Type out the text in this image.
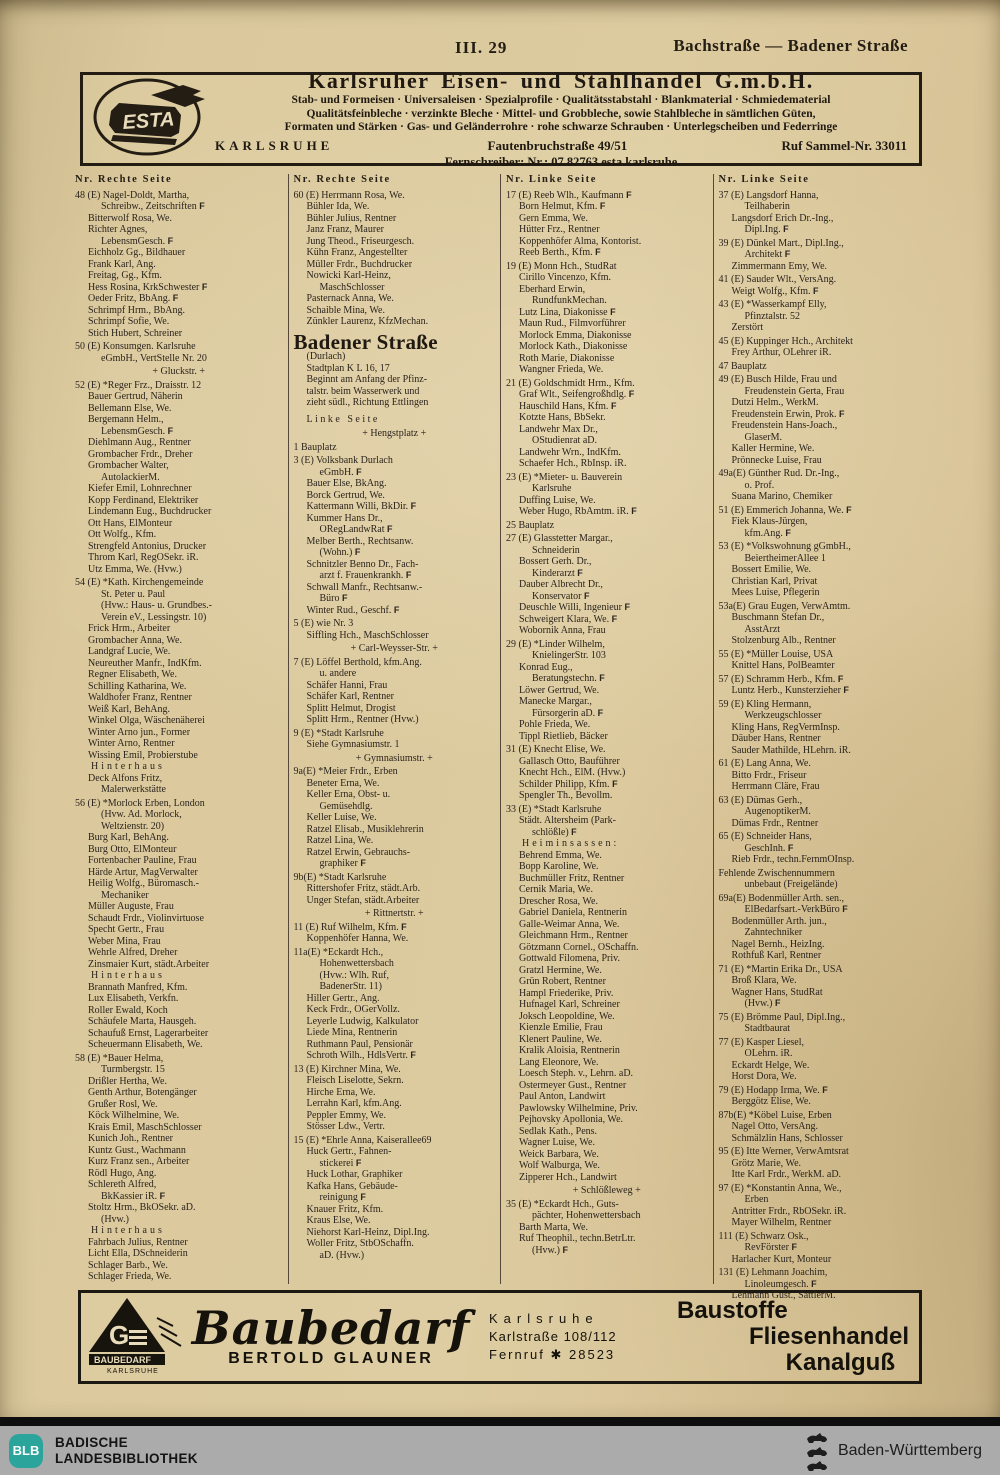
III. 29	Bachstraße — Badener Straße
ESTA
Karlsruher Eisen- und Stahlhandel G.m.b.H.
Stab- und Formeisen · Universaleisen · Spezialprofile · Qualitätsstabstahl · Blankmaterial · Schmiedematerial
Qualitätsfeinbleche · verzinkte Bleche · Mittel- und Grobbleche, sowie Stahlbleche in sämtlichen Güten,
Formaten und Stärken · Gas- und Geländerrohre · rohe schwarze Schrauben · Unterlegscheiben und Federringe
KARLSRUHE	Fautenbruchstraße 49/51	Ruf Sammel-Nr. 33011
Fernschreiber: Nr.: 07 82763 esta karlsruhe
Nr. Rechte Seite
48 (E) Nagel-Doldt, Martha,
Schreibw., Zeitschriften F
Bitterwolf Rosa, We.
Richter Agnes,
LebensmGesch. F
Eichholz Gg., Bildhauer
Frank Karl, Ang.
Freitag, Gg., Kfm.
Hess Rosina, KrkSchwester F
Oeder Fritz, BbAng. F
Schrimpf Hrm., BbAng.
Schrimpf Sofie, We.
Stich Hubert, Schreiner
50 (E) Konsumgen. Karlsruhe
eGmbH., VertStelle Nr. 20
+ Gluckstr. +
52 (E) *Reger Frz., Draisstr. 12
Bauer Gertrud, Näherin
Bellemann Else, We.
Bergemann Helm.,
LebensmGesch. F
Diehlmann Aug., Rentner
Grombacher Frdr., Dreher
Grombacher Walter,
AutolackierM.
Kiefer Emil, Lohnrechner
Kopp Ferdinand, Elektriker
Lindemann Eug., Buchdrucker
Ott Hans, ElMonteur
Ott Wolfg., Kfm.
Strengfeld Antonius, Drucker
Throm Karl, RegOSekr. iR.
Utz Emma, We. (Hvw.)
54 (E) *Kath. Kirchengemeinde
St. Peter u. Paul
(Hvw.: Haus- u. Grundbes.-
Verein eV., Lessingstr. 10)
Frick Hrm., Arbeiter
Grombacher Anna, We.
Landgraf Lucie, We.
Neureuther Manfr., IndKfm.
Regner Elisabeth, We.
Schilling Katharina, We.
Waldhofer Franz, Rentner
Weiß Karl, BehAng.
Winkel Olga, Wäschenäherei
Winter Arno jun., Former
Winter Arno, Rentner
Wissing Emil, Probierstube
Hinterhaus
Deck Alfons Fritz,
Malerwerkstätte
56 (E) *Morlock Erben, London
(Hvw. Ad. Morlock,
Weltzienstr. 20)
Burg Karl, BehAng.
Burg Otto, ElMonteur
Fortenbacher Pauline, Frau
Härde Artur, MagVerwalter
Heilig Wolfg., Büromasch.-
Mechaniker
Müller Auguste, Frau
Schaudt Frdr., Violinvirtuose
Specht Gertr., Frau
Weber Mina, Frau
Wehrle Alfred, Dreher
Zinsmaier Kurt, städt.Arbeiter
Hinterhaus
Brannath Manfred, Kfm.
Lux Elisabeth, Verkfn.
Roller Ewald, Koch
Schäufele Marta, Hausgeh.
Schaufuß Ernst, Lagerarbeiter
Scheuermann Elisabeth, We.
58 (E) *Bauer Helma,
Turmbergstr. 15
Drißler Hertha, We.
Genth Arthur, Botengänger
Grußer Rosl, We.
Köck Wilhelmine, We.
Krais Emil, MaschSchlosser
Kunich Joh., Rentner
Kuntz Gust., Wachmann
Kurz Franz sen., Arbeiter
Rödl Hugo, Ang.
Schlereth Alfred,
BkKassier iR. F
Stoltz Hrm., BkOSekr. aD.
(Hvw.)
Hinterhaus
Fahrbach Julius, Rentner
Licht Ella, DSchneiderin
Schlager Barb., We.
Schlager Frieda, We.
Nr. Rechte Seite
60 (E) Herrmann Rosa, We.
Bühler Ida, We.
Bühler Julius, Rentner
Janz Franz, Maurer
Jung Theod., Friseurgesch.
Kühn Franz, Angestellter
Müller Frdr., Buchdrucker
Nowicki Karl-Heinz,
MaschSchlosser
Pasternack Anna, We.
Schaible Mina, We.
Zünkler Laurenz, KfzMechan.
Badener Straße
(Durlach)
Stadtplan K L 16, 17
Beginnt am Anfang der Pfinz-
talstr. beim Wasserwerk und
zieht südl., Richtung Ettlingen
Linke Seite
+ Hengstplatz +
1 Bauplatz
3 (E) Volksbank Durlach
eGmbH. F
Bauer Else, BkAng.
Borck Gertrud, We.
Kattermann Willi, BkDir. F
Kummer Hans Dr.,
ORegLandwRat F
Melber Berth., Rechtsanw.
(Wohn.) F
Schnitzler Benno Dr., Fach-
arzt f. Frauenkrankh. F
Schwall Manfr., Rechtsanw.-
Büro F
Winter Rud., Geschf. F
5 (E) wie Nr. 3
Siffling Hch., MaschSchlosser
+ Carl-Weysser-Str. +
7 (E) Löffel Berthold, kfm.Ang.
u. andere
Schäfer Hanni, Frau
Schäfer Karl, Rentner
Splitt Helmut, Drogist
Splitt Hrm., Rentner (Hvw.)
9 (E) *Stadt Karlsruhe
Siehe Gymnasiumstr. 1
+ Gymnasiumstr. +
9a(E) *Meier Frdr., Erben
Beneter Erna, We.
Keller Erna, Obst- u.
Gemüsehdlg.
Keller Luise, We.
Ratzel Elisab., Musiklehrerin
Ratzel Lina, We.
Ratzel Erwin, Gebrauchs-
graphiker F
9b(E) *Stadt Karlsruhe
Rittershofer Fritz, städt.Arb.
Unger Stefan, städt.Arbeiter
+ Rittnertstr. +
11 (E) Ruf Wilhelm, Kfm. F
Koppenhöfer Hanna, We.
11a(E) *Eckardt Hch.,
Hohenwettersbach
(Hvw.: Wlh. Ruf,
BadenerStr. 11)
Hiller Gertr., Ang.
Keck Frdr., OGerVollz.
Leyerle Ludwig, Kalkulator
Liede Mina, Rentnerin
Ruthmann Paul, Pensionär
Schroth Wilh., HdlsVertr. F
13 (E) Kirchner Mina, We.
Fleisch Liselotte, Sekrn.
Hirche Erna, We.
Lerrahn Karl, kfm.Ang.
Peppler Emmy, We.
Stösser Ldw., Vertr.
15 (E) *Ehrle Anna, Kaiserallee69
Huck Gertr., Fahnen-
stickerei F
Huck Lothar, Graphiker
Kafka Hans, Gebäude-
reinigung F
Knauer Fritz, Kfm.
Kraus Else, We.
Niehorst Karl-Heinz, Dipl.Ing.
Woller Fritz, StbOSchaffn.
aD. (Hvw.)
Nr. Linke Seite
17 (E) Reeb Wlh., Kaufmann F
Born Helmut, Kfm. F
Gern Emma, We.
Hütter Frz., Rentner
Koppenhöfer Alma, Kontorist.
Reeb Berth., Kfm. F
19 (E) Monn Hch., StudRat
Cirillo Vincenzo, Kfm.
Eberhard Erwin,
RundfunkMechan.
Lutz Lina, Diakonisse F
Maun Rud., Filmvorführer
Morlock Emma, Diakonisse
Morlock Kath., Diakonisse
Roth Marie, Diakonisse
Wangner Frieda, We.
21 (E) Goldschmidt Hrm., Kfm.
Graf Wlt., Seifengroßhdlg. F
Hauschild Hans, Kfm. F
Kotzte Hans, BbSekr.
Landwehr Max Dr.,
OStudienrat aD.
Landwehr Wrn., IndKfm.
Schaefer Hch., RbInsp. iR.
23 (E) *Mieter- u. Bauverein
Karlsruhe
Duffing Luise, We.
Weber Hugo, RbAmtm. iR. F
25 Bauplatz
27 (E) Glasstetter Margar.,
Schneiderin
Bossert Gerh. Dr.,
Kinderarzt F
Dauber Albrecht Dr.,
Konservator F
Deuschle Willi, Ingenieur F
Schweigert Klara, We. F
Wobornik Anna, Frau
29 (E) *Linder Wilhelm,
KnielingerStr. 103
Konrad Eug.,
Beratungstechn. F
Löwer Gertrud, We.
Manecke Margar.,
Fürsorgerin aD. F
Pohle Frieda, We.
Tippl Rietlieb, Bäcker
31 (E) Knecht Elise, We.
Gallasch Otto, Bauführer
Knecht Hch., ElM. (Hvw.)
Schilder Philipp, Kfm. F
Spengler Th., Bevollm.
33 (E) *Stadt Karlsruhe
Städt. Altersheim (Park-
schlößle) F
Heiminsassen:
Behrend Emma, We.
Bopp Karoline, We.
Buchmüller Fritz, Rentner
Cernik Maria, We.
Drescher Rosa, We.
Gabriel Daniela, Rentnerin
Galle-Weimar Anna, We.
Gleichmann Hrm., Rentner
Götzmann Cornel., OSchaffn.
Gottwald Filomena, Priv.
Gratzl Hermine, We.
Grün Robert, Rentner
Hampl Friederike, Priv.
Hufnagel Karl, Schreiner
Joksch Leopoldine, We.
Kienzle Emilie, Frau
Klenert Pauline, We.
Kralik Aloisia, Rentnerin
Lang Eleonore, We.
Loesch Steph. v., Lehrn. aD.
Ostermeyer Gust., Rentner
Paul Anton, Landwirt
Pawlowsky Wilhelmine, Priv.
Pejhovsky Apollonia, We.
Sedlak Kath., Pens.
Wagner Luise, We.
Weick Barbara, We.
Wolf Walburga, We.
Zipperer Hch., Landwirt
+ Schlößleweg +
35 (E) *Eckardt Hch., Guts-
pächter, Hohenwettersbach
Barth Marta, We.
Ruf Theophil., techn.BetrLtr.
(Hvw.) F
Nr. Linke Seite
37 (E) Langsdorf Hanna,
Teilhaberin
Langsdorf Erich Dr.-Ing.,
Dipl.Ing. F
39 (E) Dünkel Mart., Dipl.Ing.,
Architekt F
Zimmermann Emy, We.
41 (E) Sauder Wlt., VersAng.
Weigt Wolfg., Kfm. F
43 (E) *Wasserkampf Elly,
Pfinztalstr. 52
Zerstört
45 (E) Kuppinger Hch., Architekt
Frey Arthur, OLehrer iR.
47 Bauplatz
49 (E) Busch Hilde, Frau und
Freudenstein Gerta, Frau
Dutzi Helm., WerkM.
Freudenstein Erwin, Prok. F
Freudenstein Hans-Joach.,
GlaserM.
Kaller Hermine, We.
Prönnecke Luise, Frau
49a(E) Günther Rud. Dr.-Ing.,
o. Prof.
Suana Marino, Chemiker
51 (E) Emmerich Johanna, We. F
Fiek Klaus-Jürgen,
kfm.Ang. F
53 (E) *Volkswohnung gGmbH.,
BeiertheimerAllee 1
Bossert Emilie, We.
Christian Karl, Privat
Mees Luise, Pflegerin
53a(E) Grau Eugen, VerwAmtm.
Buschmann Stefan Dr.,
AsstArzt
Stolzenburg Alb., Rentner
55 (E) *Müller Louise, USA
Knittel Hans, PolBeamter
57 (E) Schramm Herb., Kfm. F
Luntz Herb., Kunsterzieher F
59 (E) Kling Hermann,
Werkzeugschlosser
Kling Hans, RegVermInsp.
Däuber Hans, Rentner
Sauder Mathilde, HLehrn. iR.
61 (E) Lang Anna, We.
Bitto Frdr., Friseur
Herrmann Cläre, Frau
63 (E) Dümas Gerh.,
AugenoptikerM.
Dümas Frdr., Rentner
65 (E) Schneider Hans,
GeschInh. F
Rieb Frdr., techn.FernmOInsp.
Fehlende Zwischennummern
unbebaut (Freigelände)
69a(E) Bodenmüller Arth. sen.,
ElBedarfsart.-VerkBüro F
Bodenmüller Arth. jun.,
Zahntechniker
Nagel Bernh., HeizIng.
Rothfuß Karl, Rentner
71 (E) *Martin Erika Dr., USA
Broß Klara, We.
Wagner Hans, StudRat
(Hvw.) F
75 (E) Brömme Paul, Dipl.Ing.,
Stadtbaurat
77 (E) Kasper Liesel,
OLehrn. iR.
Eckardt Helge, We.
Horst Dora, We.
79 (E) Hodapp Irma, We. F
Berggötz Elise, We.
87b(E) *Köbel Luise, Erben
Nagel Otto, VersAng.
Schmälzlin Hans, Schlosser
95 (E) Itte Werner, VerwAmtsrat
Grötz Marie, We.
Itte Karl Frdr., WerkM. aD.
97 (E) *Konstantin Anna, We.,
Erben
Antritter Frdr., RbOSekr. iR.
Mayer Wilhelm, Rentner
111 (E) Schwarz Osk.,
RevFörster F
Harlacher Kurt, Monteur
131 (E) Lehmann Joachim,
Linoleumgesch. F
Lehmann Gust., SattlerM.
G
BAUBEDARF
KARLSRUHE
Baubedarf
BERTOLD GLAUNER
Karlsruhe
Karlstraße 108/112
Fernruf ✱ 28523
Baustoffe
Fliesenhandel
Kanalguß
BLB
BADISCHE
LANDESBIBLIOTHEK	Baden-Württemberg
